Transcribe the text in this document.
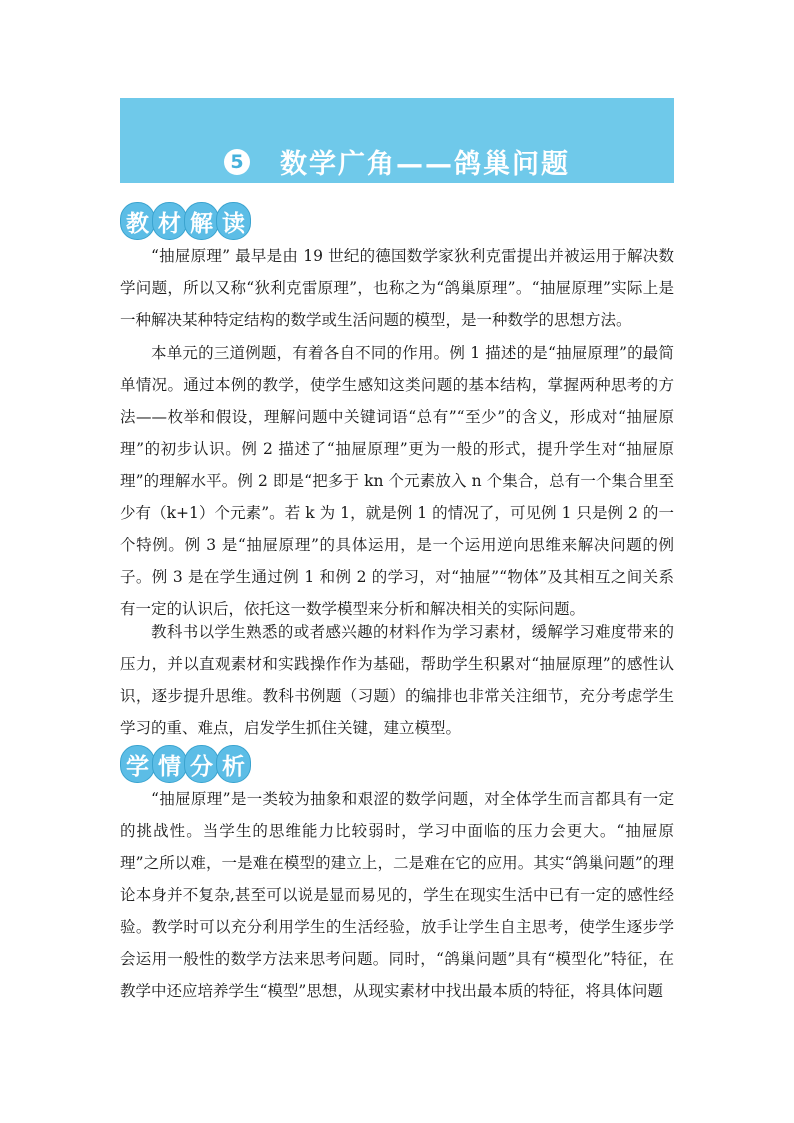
5 数学广角——鸽巢问题
教 材 解 读

“抽屉原理” 最早是由 19 世纪的德国数学家狄利克雷提出并被运用于解决数学问题，所以又称“狄利克雷原理”，也称之为“鸽巢原理”。“抽屉原理”实际上是一种解决某种特定结构的数学或生活问题的模型，是一种数学的思想方法。

本单元的三道例题，有着各自不同的作用。例 1 描述的是“抽屉原理”的最简单情况。通过本例的教学，使学生感知这类问题的基本结构，掌握两种思考的方法——枚举和假设，理解问题中关键词语“总有”“至少”的含义，形成对“抽屉原理”的初步认识。例 2 描述了“抽屉原理”更为一般的形式，提升学生对“抽屉原理”的理解水平。例 2 即是“把多于 kn 个元素放入 n 个集合，总有一个集合里至少有（k+1）个元素”。若 k 为 1，就是例 1 的情况了，可见例 1 只是例 2 的一个特例。例 3 是“抽屉原理”的具体运用，是一个运用逆向思维来解决问题的例子。例 3 是在学生通过例 1 和例 2 的学习，对“抽屉”“物体”及其相互之间关系有一定的认识后，依托这一数学模型来分析和解决相关的实际问题。

教科书以学生熟悉的或者感兴趣的材料作为学习素材，缓解学习难度带来的压力，并以直观素材和实践操作作为基础，帮助学生积累对“抽屉原理”的感性认识，逐步提升思维。教科书例题（习题）的编排也非常关注细节，充分考虑学生学习的重、难点，启发学生抓住关键，建立模型。

学 情 分 析

“抽屉原理”是一类较为抽象和艰涩的数学问题，对全体学生而言都具有一定的挑战性。当学生的思维能力比较弱时，学习中面临的压力会更大。“抽屉原理”之所以难，一是难在模型的建立上，二是难在它的应用。其实“鸽巢问题”的理论本身并不复杂,甚至可以说是显而易见的，学生在现实生活中已有一定的感性经验。教学时可以充分利用学生的生活经验，放手让学生自主思考，使学生逐步学会运用一般性的数学方法来思考问题。同时，“鸽巢问题”具有“模型化”特征，在教学中还应培养学生“模型”思想，从现实素材中找出最本质的特征，将具体问题
